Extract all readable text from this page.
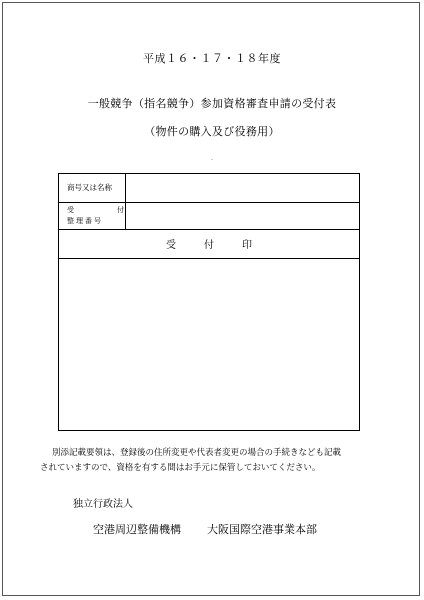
平成１６・１７・１８年度
一般競争（指名競争）参加資格審査申請の受付表
（物件の購入及び役務用）
・
商号又は名称
受	付
整理番号
受	付	印
別添記載要領は、登録後の住所変更や代表者変更の場合の手続きなども記載
されていますので、資格を有する間はお手元に保管しておいてください。
独立行政法人
空港周辺整備機構 大阪国際空港事業本部
